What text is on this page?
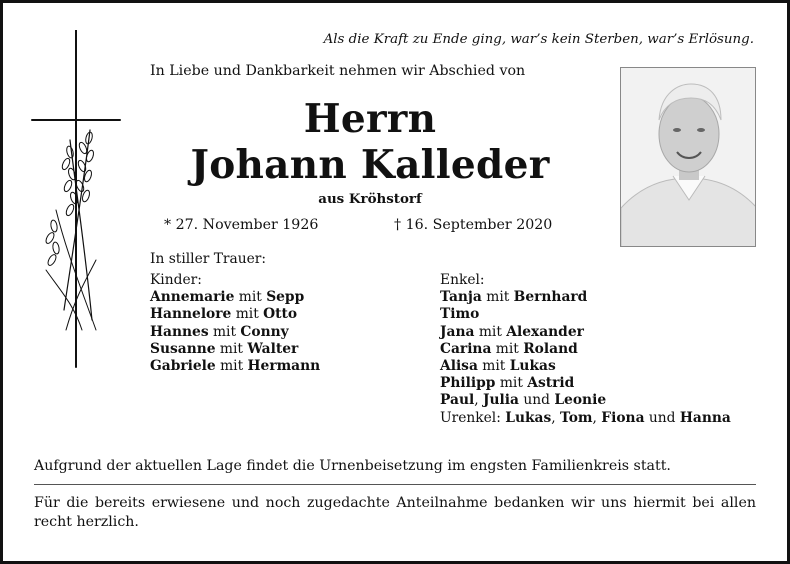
Als die Kraft zu Ende ging, war’s kein Sterben, war’s Erlösung.
In Liebe und Dankbarkeit nehmen wir Abschied von
Herrn
Johann Kalleder
aus Kröhstorf
* 27. November 1926	† 16. September 2020
In stiller Trauer:
Kinder:
Annemarie mit Sepp
Hannelore mit Otto
Hannes mit Conny
Susanne mit Walter
Gabriele mit Hermann
Enkel:
Tanja mit Bernhard
Timo
Jana mit Alexander
Carina mit Roland
Alisa mit Lukas
Philipp mit Astrid
Paul, Julia und Leonie
Urenkel: Lukas, Tom, Fiona und Hanna
Aufgrund der aktuellen Lage findet die Urnenbeisetzung im engsten Familienkreis statt.
Für die bereits erwiesene und noch zugedachte Anteilnahme bedanken wir uns hiermit bei allen recht herzlich.
